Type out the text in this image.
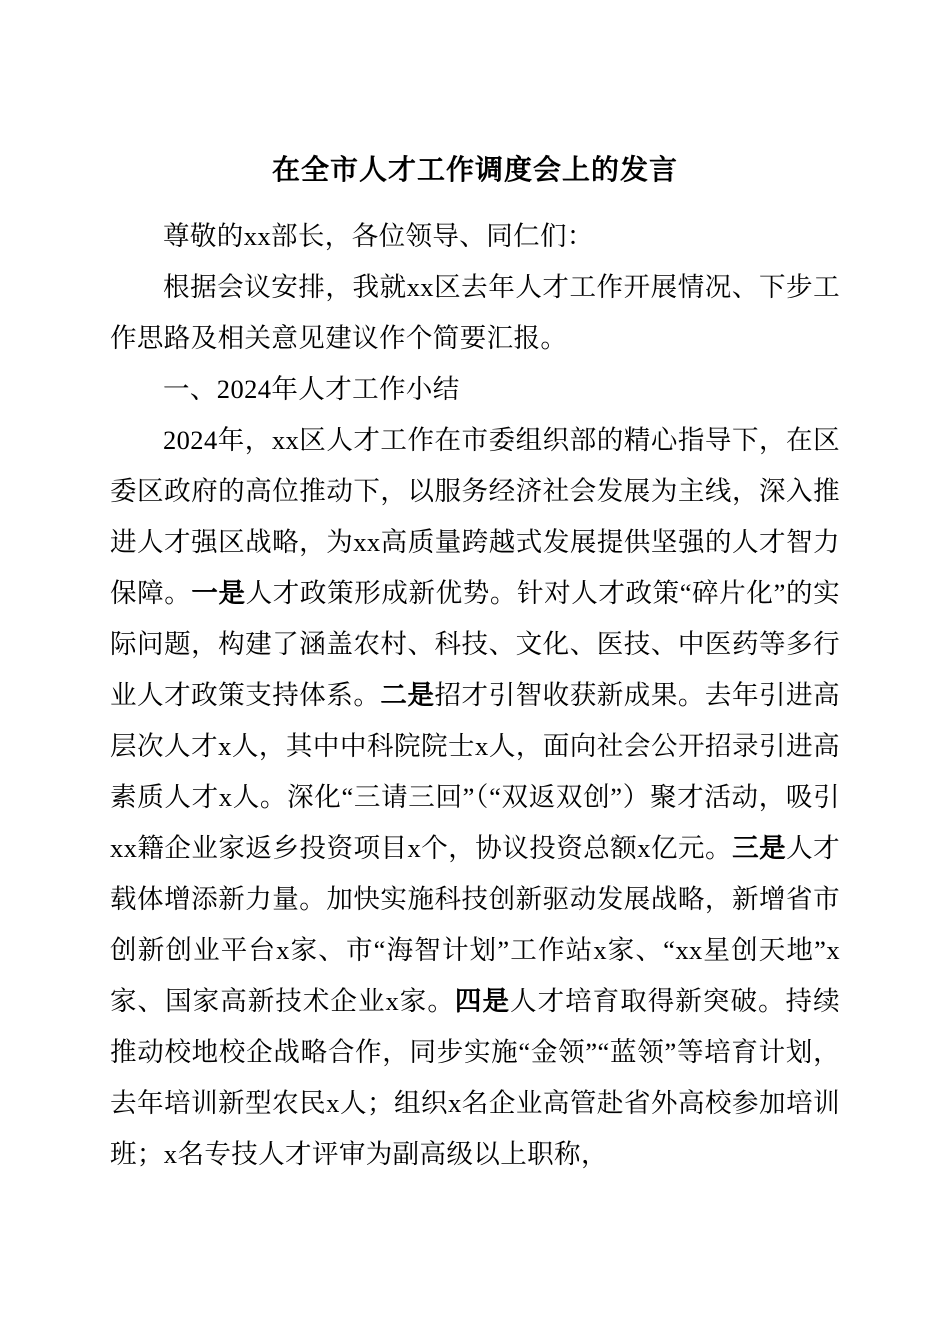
在全市人才工作调度会上的发言

尊敬的xx部长，各位领导、同仁们：

根据会议安排，我就xx区去年人才工作开展情况、下步工作思路及相关意见建议作个简要汇报。

一、2024年人才工作小结

2024年，xx区人才工作在市委组织部的精心指导下，在区委区政府的高位推动下，以服务经济社会发展为主线，深入推进人才强区战略，为xx高质量跨越式发展提供坚强的人才智力保障。一是人才政策形成新优势。针对人才政策“碎片化”的实际问题，构建了涵盖农村、科技、文化、医技、中医药等多行业人才政策支持体系。二是招才引智收获新成果。去年引进高层次人才x人，其中中科院院士x人，面向社会公开招录引进高素质人才x人。深化“三请三回”（“双返双创”）聚才活动，吸引xx籍企业家返乡投资项目x个，协议投资总额x亿元。三是人才载体增添新力量。加快实施科技创新驱动发展战略，新增省市创新创业平台x家、市“海智计划”工作站x家、“xx星创天地”x家、国家高新技术企业x家。四是人才培育取得新突破。持续推动校地校企战略合作，同步实施“金领”“蓝领”等培育计划，去年培训新型农民x人；组织x名企业高管赴省外高校参加培训班；x名专技人才评审为副高级以上职称，
